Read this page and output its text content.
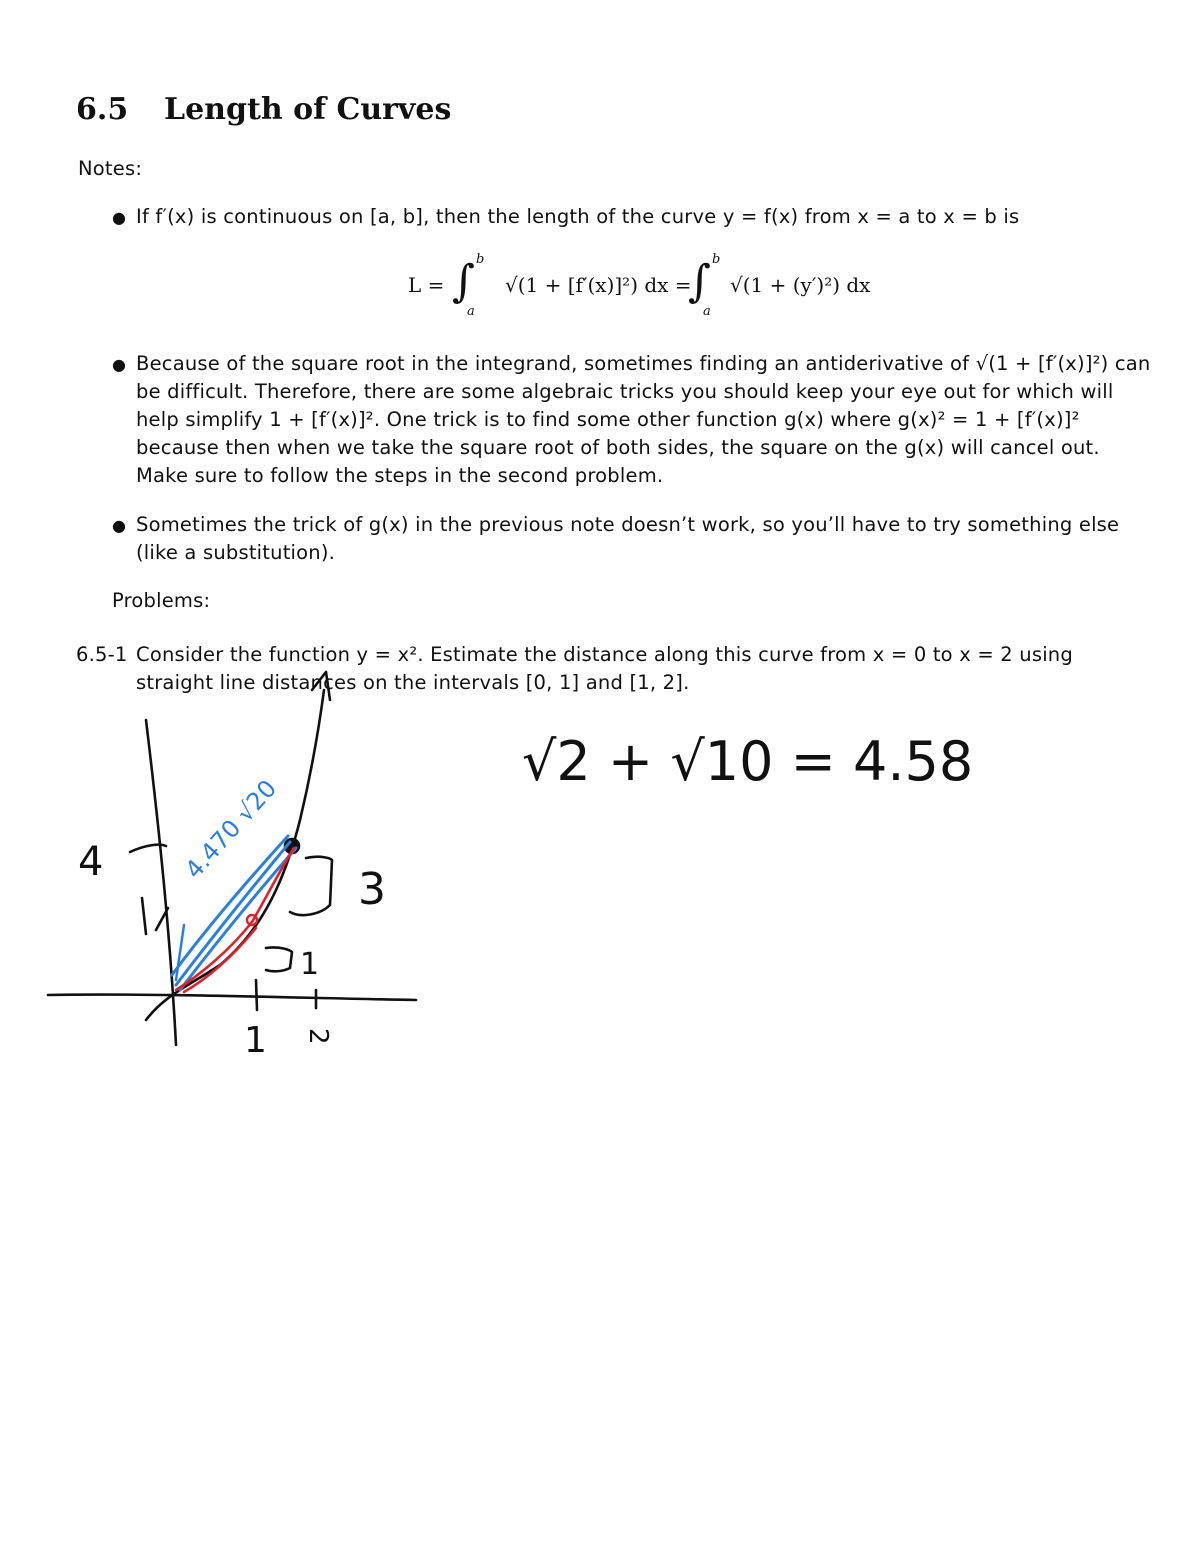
6.5 Length of Curves
Notes:
● If f′(x) is continuous on [a, b], then the length of the curve y = f(x) from x = a to x = b is
L = ∫ b
a
√(1 + [f′(x)]²) dx =
∫ b
a
√(1 + (y′)²) dx
● Because of the square root in the integrand, sometimes finding an antiderivative of √(1 + [f′(x)]²) can
be difficult. Therefore, there are some algebraic tricks you should keep your eye out for which will
help simplify 1 + [f′(x)]². One trick is to find some other function g(x) where g(x)² = 1 + [f′(x)]²
because then when we take the square root of both sides, the square on the g(x) will cancel out.
Make sure to follow the steps in the second problem.
● Sometimes the trick of g(x) in the previous note doesn’t work, so you’ll have to try something else
(like a substitution).
Problems:
6.5-1 Consider the function y = x². Estimate the distance along this curve from x = 0 to x = 2 using
straight line distances on the intervals [0, 1] and [1, 2].
4
1 2
3
1
4.470 √20
√2 + √10 = 4.58
